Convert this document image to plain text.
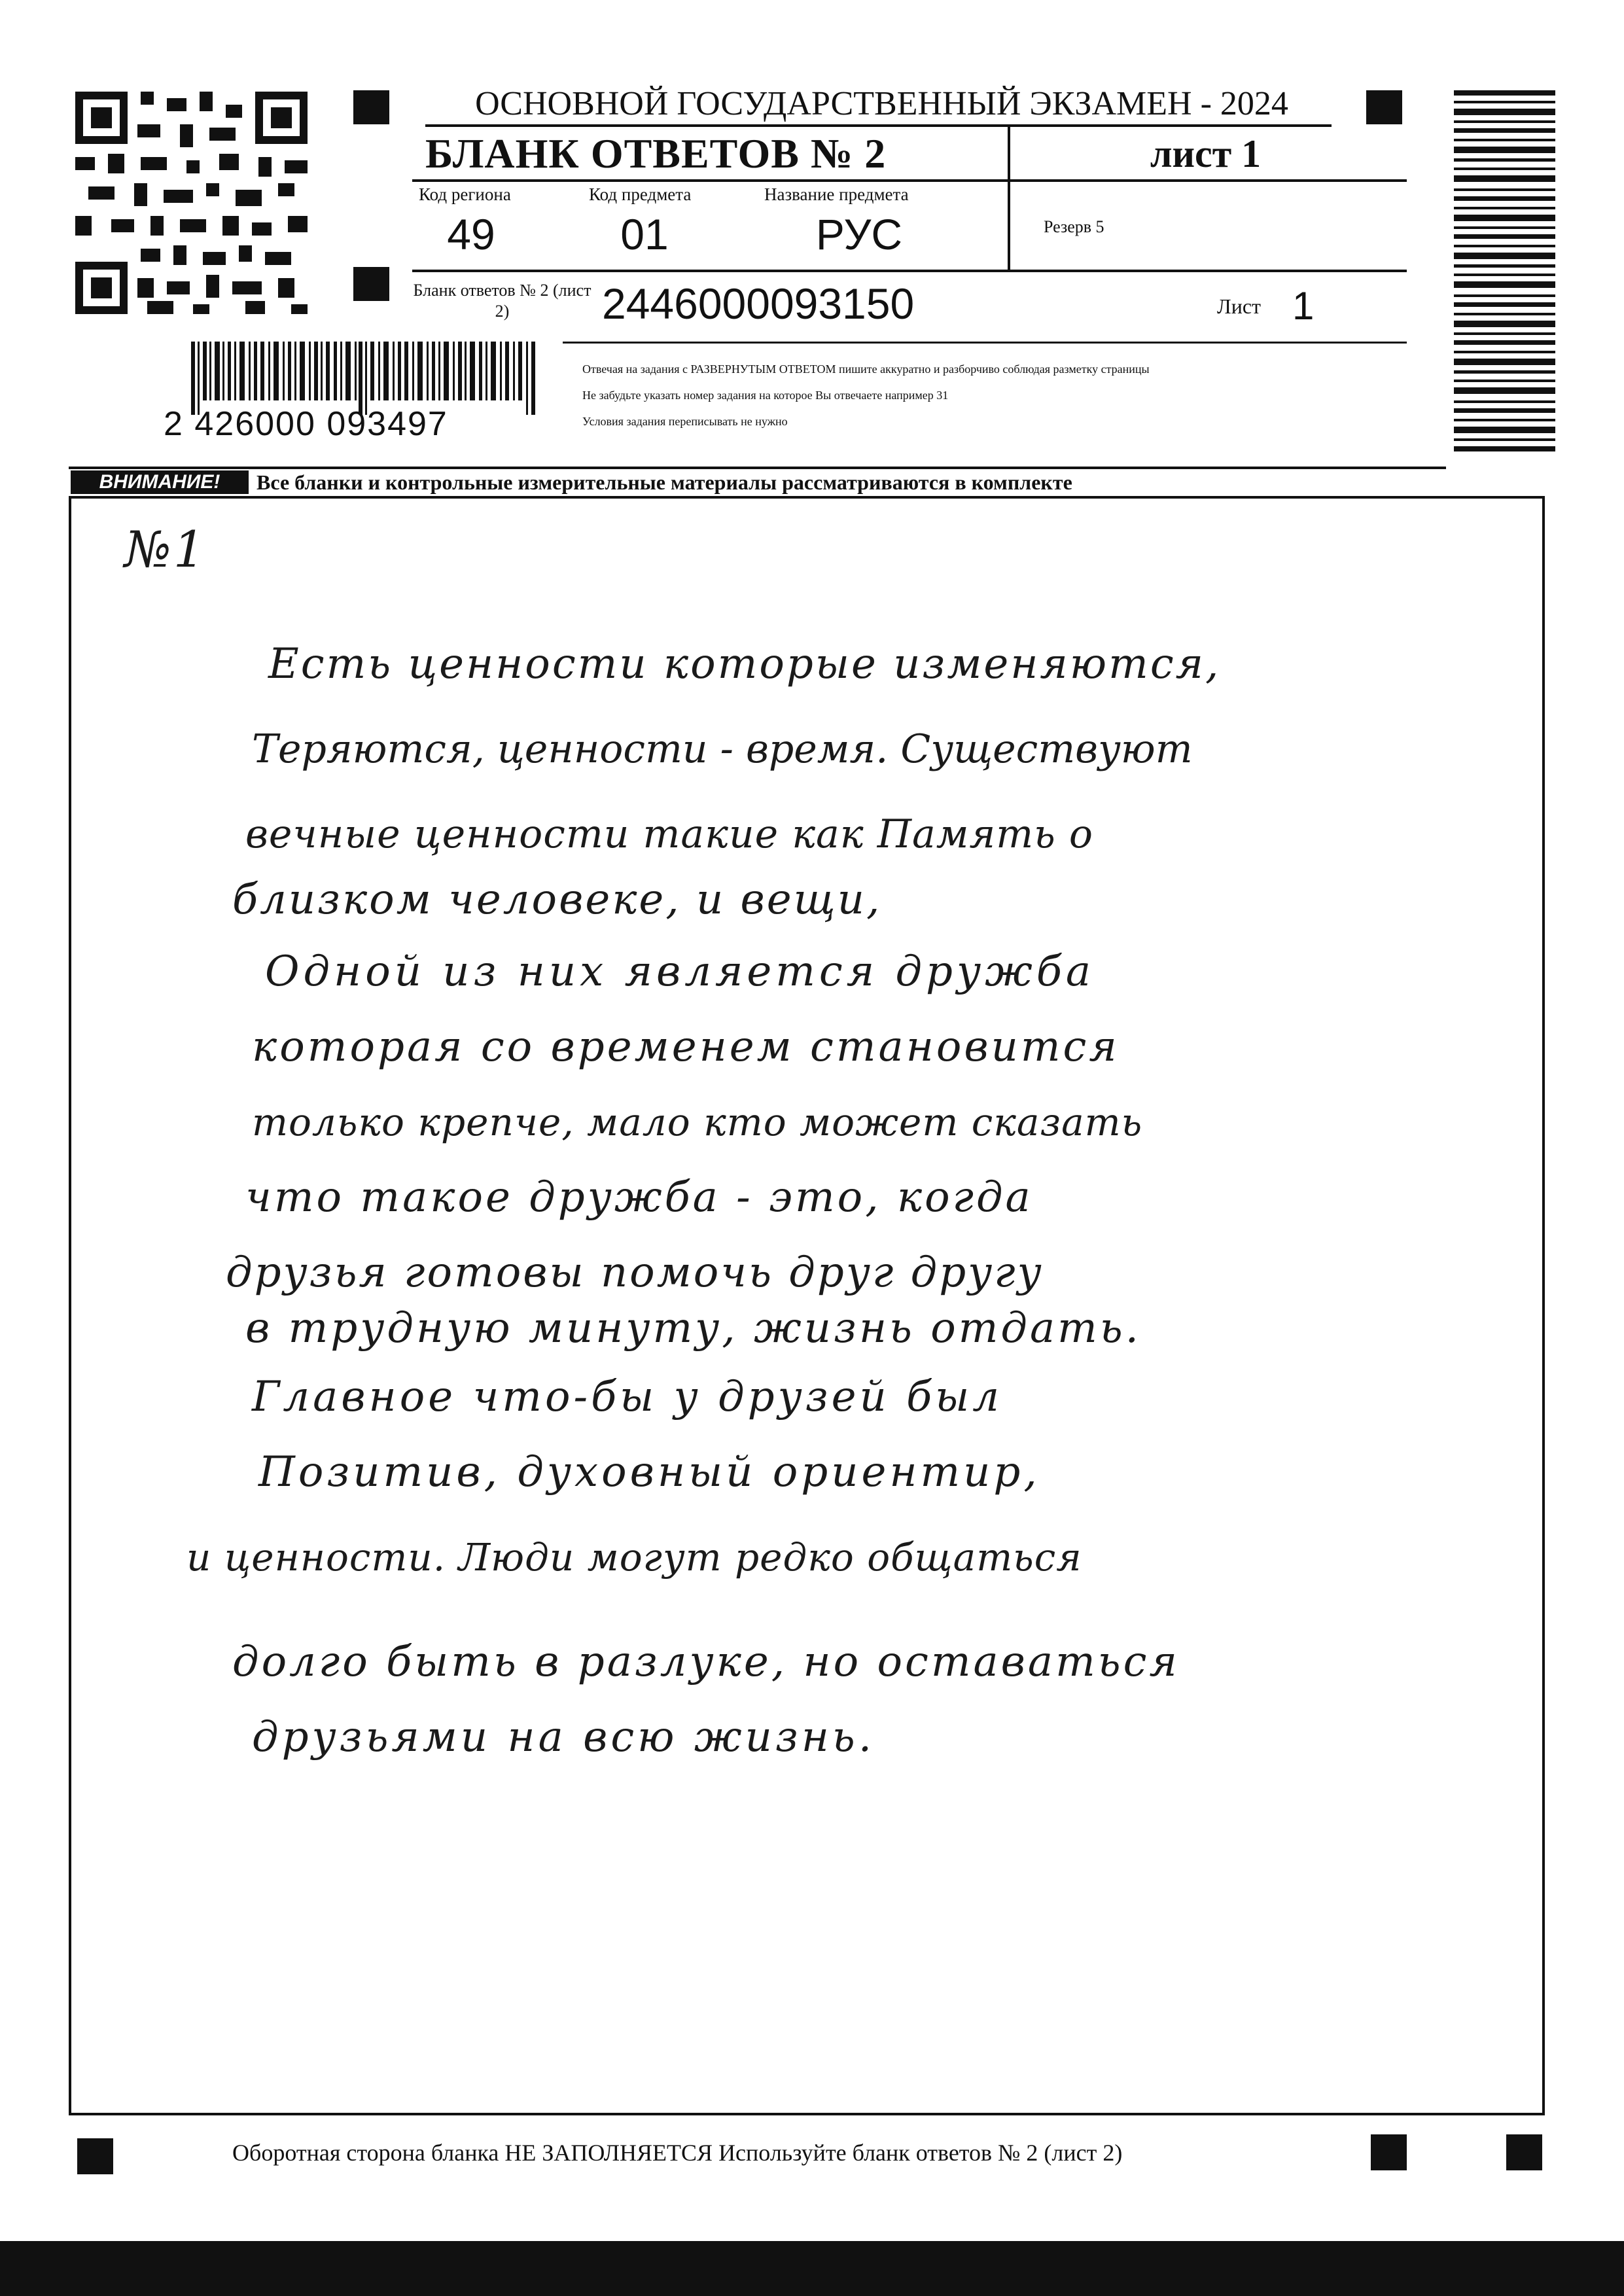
ОСНОВНОЙ ГОСУДАРСТВЕННЫЙ ЭКЗАМЕН - 2024
БЛАНК ОТВЕТОВ № 2	лист 1
Код региона
49
Код предмета
01
Название предмета
РУС	Резерв 5
Бланк ответов № 2 (лист 2)	2446000093150	Лист 1
2 426000 093497
Отвечая на задания с РАЗВЕРНУТЫМ ОТВЕТОМ пишите аккуратно и разборчиво соблюдая разметку страницы
Не забудьте указать номер задания на которое Вы отвечаете например 31
Условия задания переписывать не нужно
ВНИМАНИЕ!	Все бланки и контрольные измерительные материалы рассматриваются в комплекте
№1
Есть ценности которые изменяются,
Теряются, ценности - время. Существуют
вечные ценности такие как Память о
близком человеке, и вещи,
Одной из них является дружба
которая со временем становится
только крепче, мало кто может сказать
что такое дружба - это, когда
друзья готовы помочь друг другу
в трудную минуту, жизнь отдать.
Главное что-бы у друзей был
Позитив, духовный ориентир,
и ценности. Люди могут редко общаться
долго быть в разлуке, но оставаться
друзьями на всю жизнь.
Оборотная сторона бланка НЕ ЗАПОЛНЯЕТСЯ Используйте бланк ответов № 2 (лист 2)
